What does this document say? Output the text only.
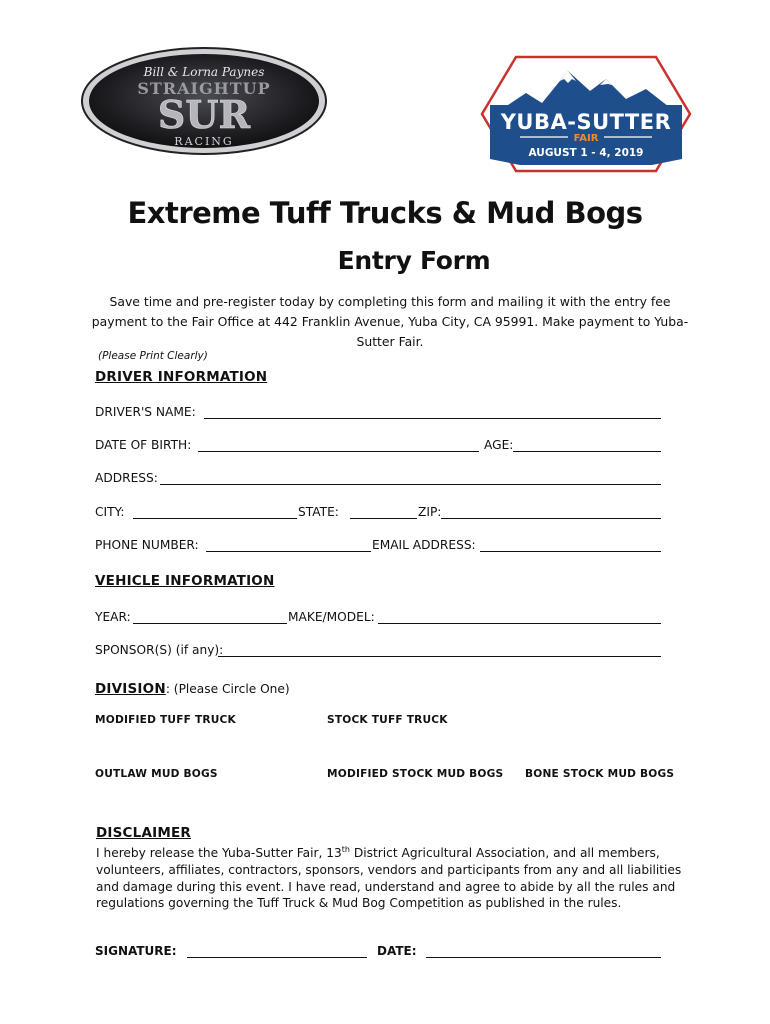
Bill & Lorna Paynes
STRAIGHTUP
SUR
RACING
YUBA-SUTTER
FAIR
AUGUST 1 - 4, 2019
Extreme Tuff Trucks & Mud Bogs
Entry Form
Save time and pre-register today by completing this form and mailing it with the entry fee payment to the Fair Office at 442 Franklin Avenue, Yuba City, CA 95991. Make payment to Yuba-Sutter Fair.
(Please Print Clearly)
DRIVER INFORMATION
DRIVER'S NAME:
DATE OF BIRTH:	AGE:
ADDRESS:
CITY:	STATE:	ZIP:
PHONE NUMBER:	EMAIL ADDRESS:
VEHICLE INFORMATION
YEAR:	MAKE/MODEL:
SPONSOR(S) (if any):
DIVISION: (Please Circle One)
MODIFIED TUFF TRUCK	STOCK TUFF TRUCK
OUTLAW MUD BOGS	MODIFIED STOCK MUD BOGS BONE STOCK MUD BOGS
DISCLAIMER
I hereby release the Yuba-Sutter Fair, 13th District Agricultural Association, and all members, volunteers, affiliates, contractors, sponsors, vendors and participants from any and all liabilities and damage during this event. I have read, understand and agree to abide by all the rules and regulations governing the Tuff Truck & Mud Bog Competition as published in the rules.
SIGNATURE:	DATE:
